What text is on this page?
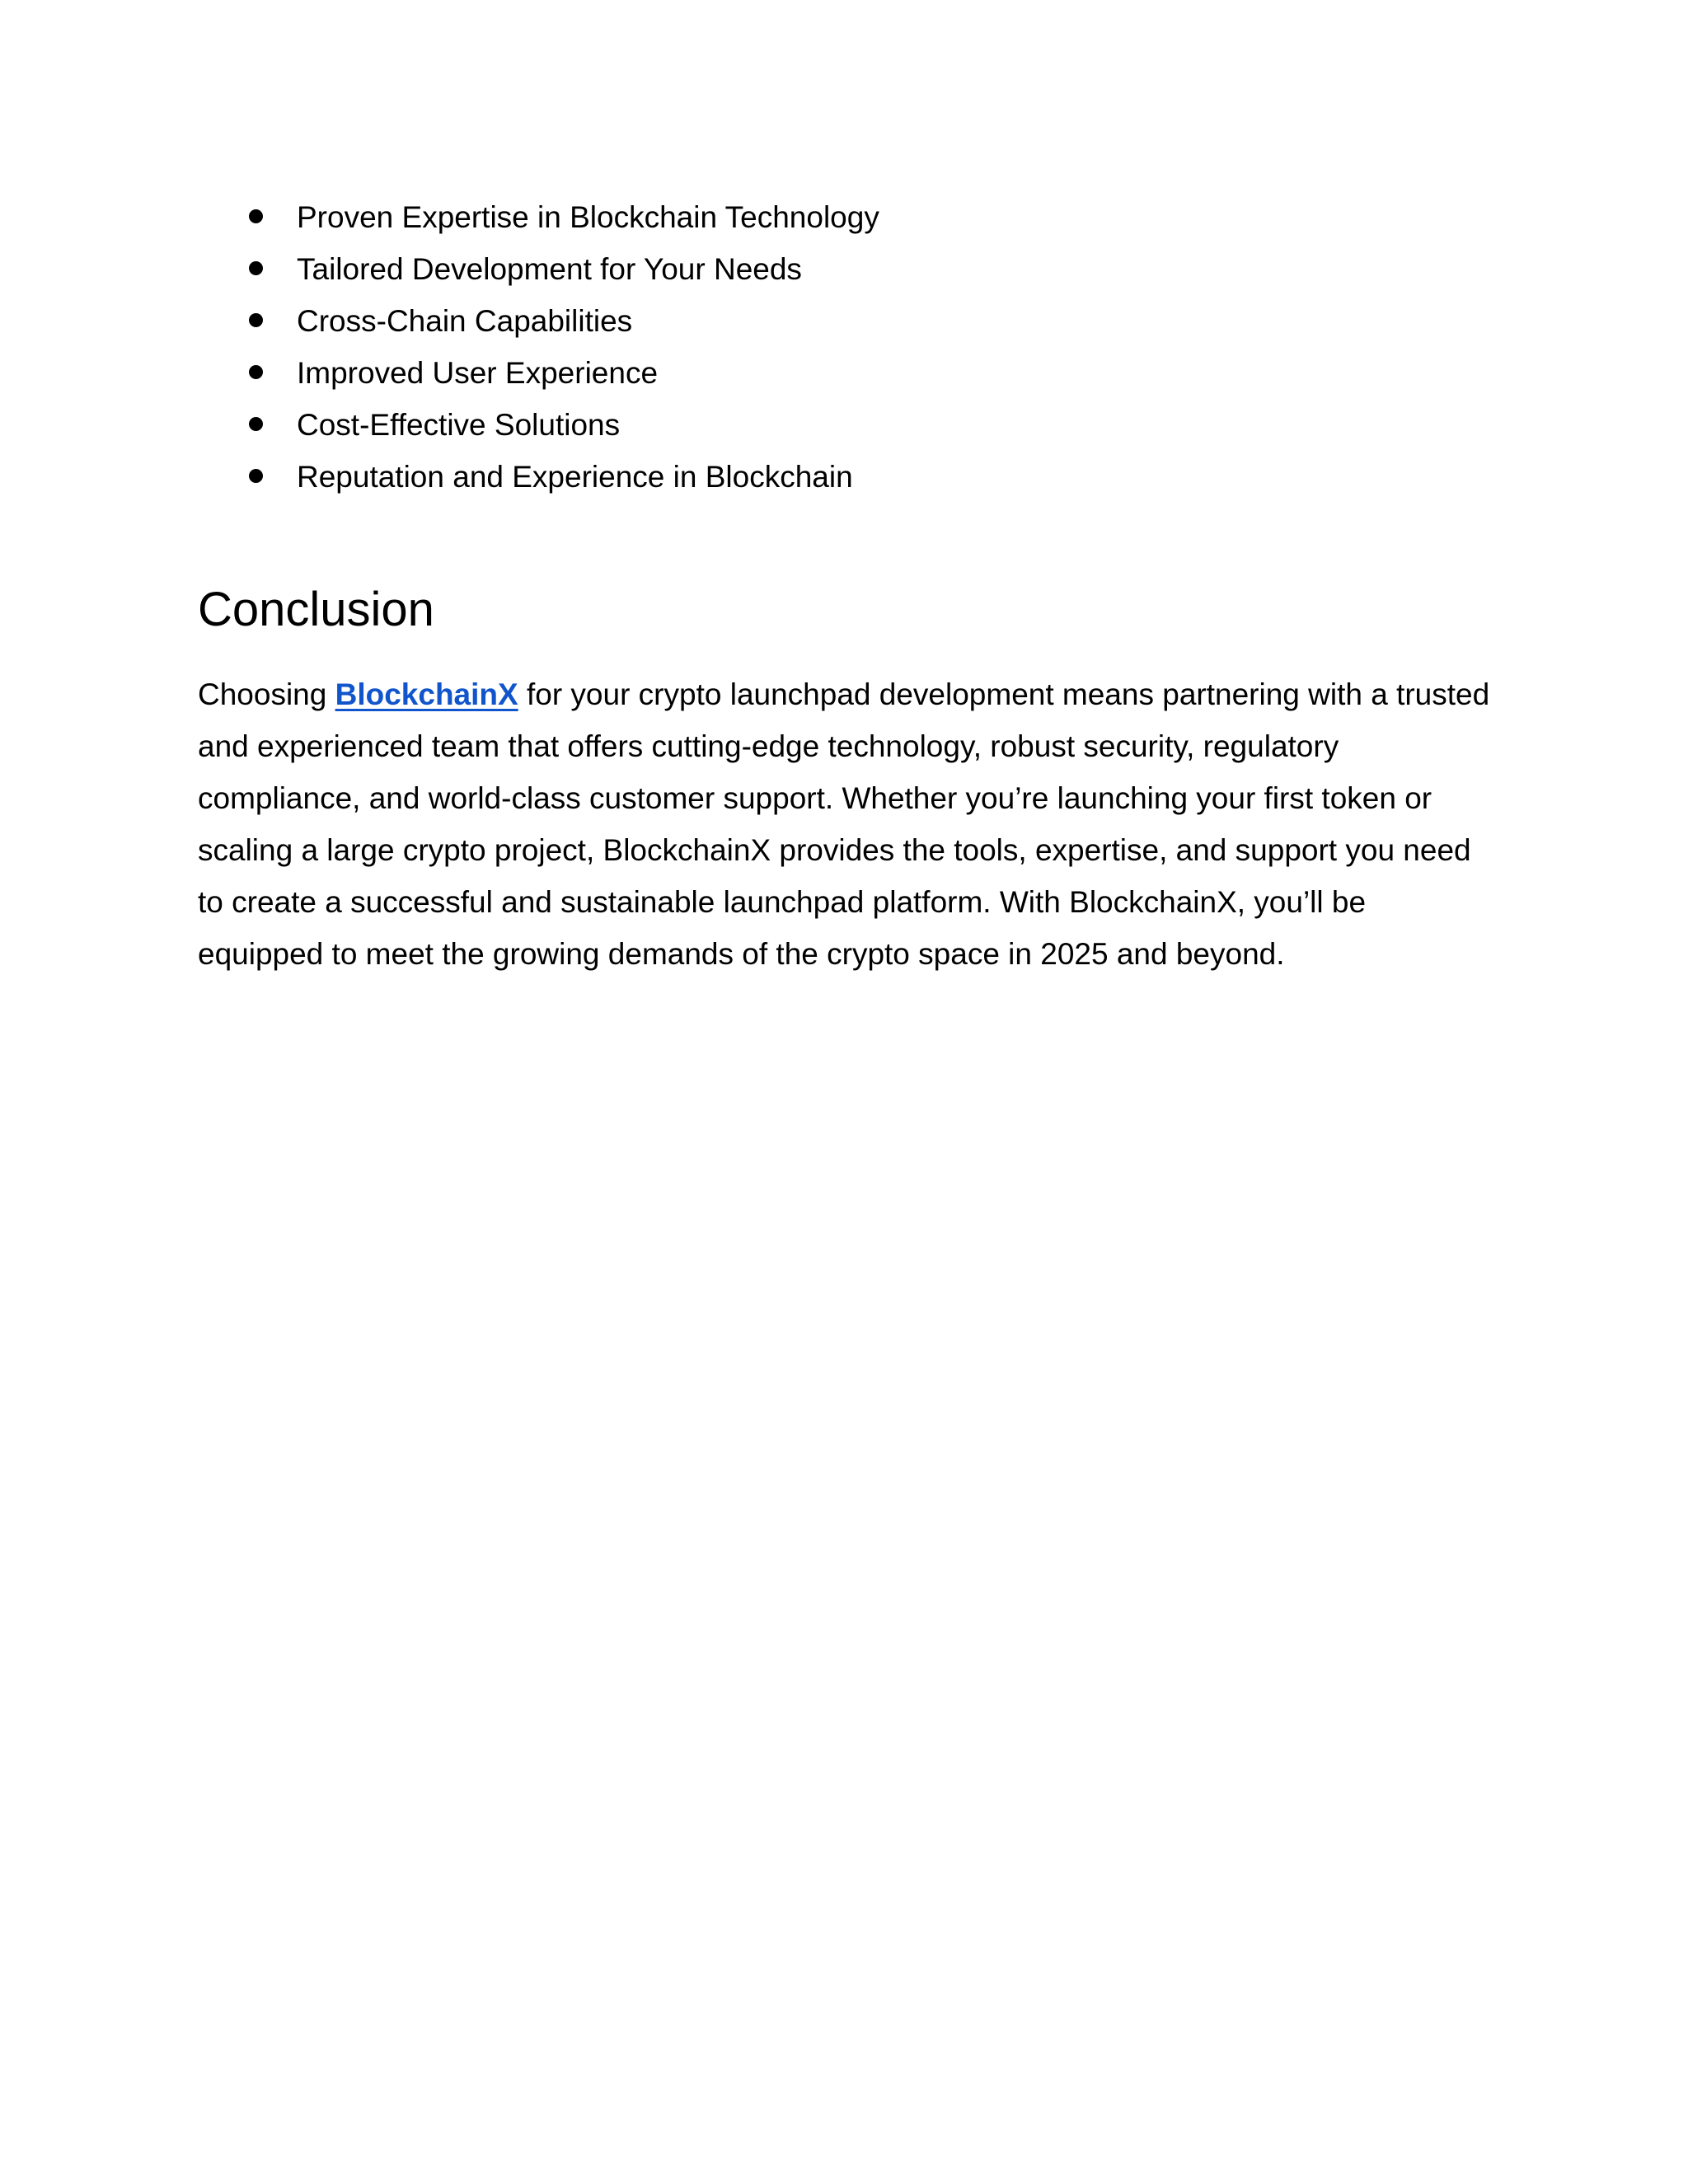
Proven Expertise in Blockchain Technology
Tailored Development for Your Needs
Cross-Chain Capabilities
Improved User Experience
Cost-Effective Solutions
Reputation and Experience in Blockchain
Conclusion

Choosing BlockchainX for your crypto launchpad development means partnering with a trusted
and experienced team that offers cutting-edge technology, robust security, regulatory
compliance, and world-class customer support. Whether you’re launching your first token or
scaling a large crypto project, BlockchainX provides the tools, expertise, and support you need
to create a successful and sustainable launchpad platform. With BlockchainX, you’ll be
equipped to meet the growing demands of the crypto space in 2025 and beyond.
